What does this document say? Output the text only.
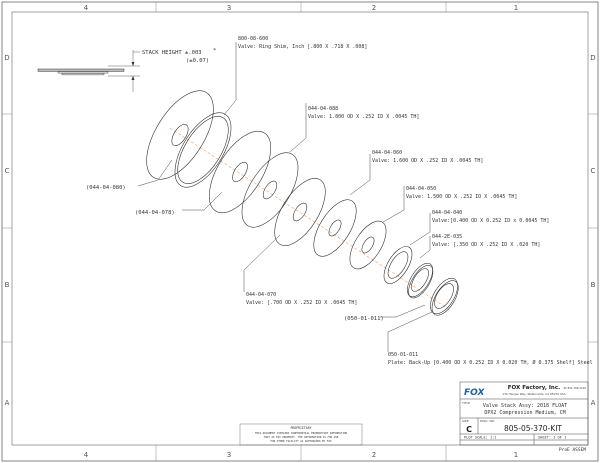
4	3	2	1
4	3	2	1
D
C
B
A
D
C
B
A
STACK HEIGHT ±.003 *
(±0.07)
800-08-600
Valve: Ring Shim, Inch [.800 X .718 X .008]
044-04-088
Valve: 1.800 OD X .252 ID X .0045 TH]
044-04-060
Valve: 1.600 OD X .252 ID X .0045 TH]
044-04-050
Valve: 1.500 OD X .252 ID X .0045 TH]
044-04-040
Valve:[0.400 OD X 0.252 ID x 0.0045 TH]
044-2E-035
Valve: [.350 OD X .252 ID X .020 TH]
044-04-070
Valve: [.700 OD X .252 ID X .0045 TH]
(044-04-080)
(044-04-078)
(050-01-011)
050-01-011
Plate: Back-Up [0.400 OD X 0.252 ID X 0.020 TH, Ø 0.375 Shelf] Steel
FOX	FOX Factory, Inc.
130 Hangar Way, Watsonville, CA 95076 USA
Ph 831-768-1100
TITLE	Valve Stack Assy: 2018 FLOAT
DPX2 Compression Medium, CM
SIZE
C
DWG. NO.
805-05-370-KIT
PLOT SCALE: 1:1	SHEET: 1 OF 1
ProE ASSEM
PROPRIETARY
THIS DOCUMENT CONTAINS CONFIDENTIAL PROPRIETARY INFORMATION
THAT IS FOX PROPERTY. THE INFORMATION IS FOR USE
FOR OTHER FACILITY AS AUTHORIZED BY FOX
